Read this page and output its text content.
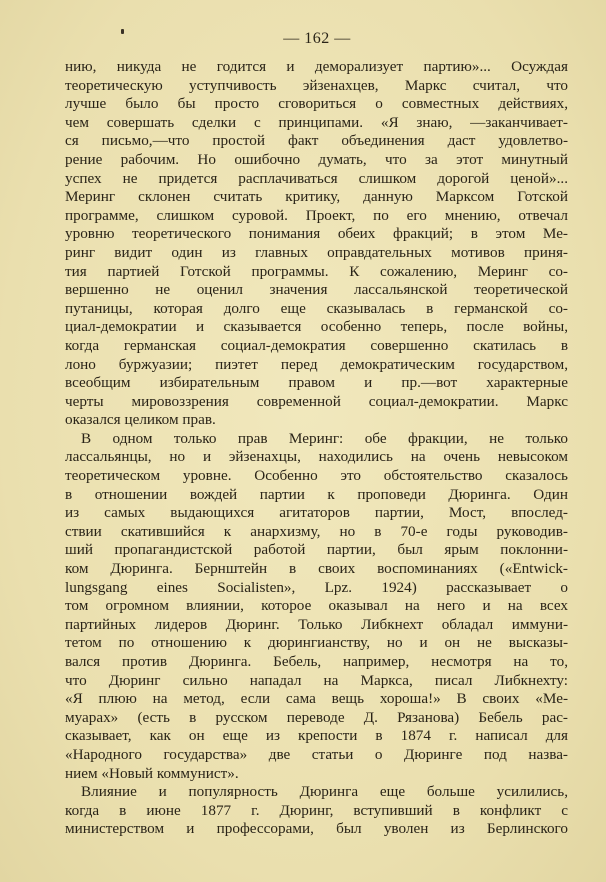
— 162 —
нию, никуда не годится и деморализует партию»... Осуждая
теоретическую уступчивость эйзенахцев, Маркс считал, что
лучше было бы просто сговориться о совместных действиях,
чем совершать сделки с принципами. «Я знаю, —заканчивает-
ся письмо,—что простой факт объединения даст удовлетво-
рение рабочим. Но ошибочно думать, что за этот минутный
успех не придется расплачиваться слишком дорогой ценой»...
Меринг склонен считать критику, данную Марксом Готской
программе, слишком суровой. Проект, по его мнению, отвечал
уровню теоретического понимания обеих фракций; в этом Ме-
ринг видит один из главных оправдательных мотивов приня-
тия партией Готской программы. К сожалению, Меринг со-
вершенно не оценил значения лассальянской теоретической
путаницы, которая долго еще сказывалась в германской со-
циал-демократии и сказывается особенно теперь, после войны,
когда германская социал-демократия совершенно скатилась в
лоно буржуазии; пиэтет перед демократическим государством,
всеобщим избирательным правом и пр.—вот характерные
черты мировоззрения современной социал-демократии. Маркс
оказался целиком прав.
В одном только прав Меринг: обе фракции, не только
лассальянцы, но и эйзенахцы, находились на очень невысоком
теоретическом уровне. Особенно это обстоятельство сказалось
в отношении вождей партии к проповеди Дюринга. Один
из самых выдающихся агитаторов партии, Мост, впослед-
ствии скатившийся к анархизму, но в 70-е годы руководив-
ший пропагандистской работой партии, был ярым поклонни-
ком Дюринга. Бернштейн в своих воспоминаниях («Entwick-
lungsgang eines Socialisten», Lpz. 1924) рассказывает о
том огромном влиянии, которое оказывал на него и на всех
партийных лидеров Дюринг. Только Либкнехт обладал иммуни-
тетом по отношению к дюрингианству, но и он не высказы-
вался против Дюринга. Бебель, например, несмотря на то,
что Дюринг сильно нападал на Маркса, писал Либкнехту:
«Я плюю на метод, если сама вещь хороша!» В своих «Ме-
муарах» (есть в русском переводе Д. Рязанова) Бебель рас-
сказывает, как он еще из крепости в 1874 г. написал для
«Народного государства» две статьи о Дюринге под назва-
нием «Новый коммунист».
Влияние и популярность Дюринга еще больше усилились,
когда в июне 1877 г. Дюринг, вступивший в конфликт с
министерством и профессорами, был уволен из Берлинского
